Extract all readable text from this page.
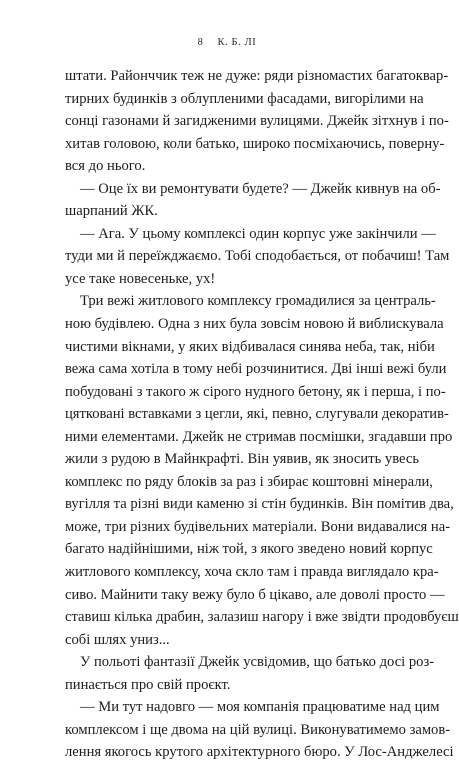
8 К. Б. ЛІ
штати. Районччик теж не дуже: ряди різномастих багатоквар-
тирних будинків з облупленими фасадами, вигорілими на
сонці газонами й загидженими вулицями. Джейк зітхнув і по-
хитав головою, коли батько, широко посміхаючись, поверну-
вся до нього.
— Оце їх ви ремонтувати будете? — Джейк кивнув на об-
шарпаний ЖК.
— Ага. У цьому комплексі один корпус уже закінчили —
туди ми й переїжджаємо. Тобі сподобається, от побачиш! Там
усе таке новесеньке, ух!
Три вежі житлового комплексу громадилися за централь-
ною будівлею. Одна з них була зовсім новою й виблискувала
чистими вікнами, у яких відбивалася синява неба, так, ніби
вежа сама хотіла в тому небі розчинитися. Дві інші вежі були
побудовані з такого ж сірого нудного бетону, як і перша, і по-
цятковані вставками з цегли, які, певно, слугували декоратив-
ними елементами. Джейк не стримав посмішки, згадавши про
жили з рудою в Майнкрафті. Він уявив, як зносить увесь
комплекс по ряду блоків за раз і збирає коштовні мінерали,
вугілля та різні види каменю зі стін будинків. Він помітив два,
може, три різних будівельних матеріали. Вони видавалися на-
багато надійнішими, ніж той, з якого зведено новий корпус
житлового комплексу, хоча скло там і правда виглядало кра-
сиво. Майнити таку вежу було б цікаво, але доволі просто —
ставиш кілька драбин, залазиш нагору і вже звідти продовбуєш
собі шлях униз...
У польоті фантазії Джейк усвідомив, що батько досі роз-
пинається про свій проєкт.
— Ми тут надовго — моя компанія працюватиме над цим
комплексом і ще двома на цій вулиці. Виконуватимемо замов-
лення якогось крутого архітектурного бюро. У Лос-Анджелесі
